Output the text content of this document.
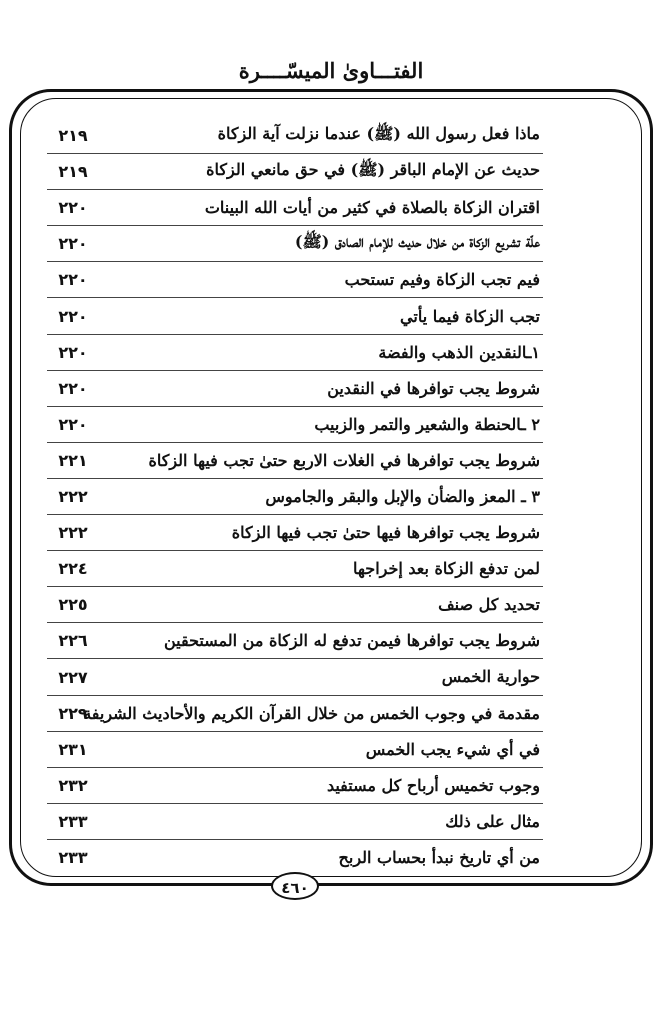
الفتـــاوىٰ الميسّــــرة
ماذا فعل رسول الله (ﷺ) عندما نزلت آية الزكاة
حديث عن الإمام الباقر (ﷺ) في حق مانعي الزكاة
اقتران الزكاة بالصلاة في كثير من أيات الله البينات
علّة تشريع الزكاة من خلال حديث للإمام الصادق (ﷺ)
فيم تجب الزكاة وفيم تستحب
تجب الزكاة فيما يأتي
١ـالنقدين الذهب والفضة
شروط يجب توافرها في النقدين
٢ ـالحنطة والشعير والتمر والزبيب
شروط يجب توافرها في الغلات الاربع حتىٰ تجب فيها الزكاة
٣ ـ المعز والضأن والإبل والبقر والجاموس
شروط يجب توافرها فيها حتىٰ تجب فيها الزكاة
لمن تدفع الزكاة بعد إخراجها
تحديد كل صنف
شروط يجب توافرها فيمن تدفع له الزكاة من المستحقين
حوارية الخمس
مقدمة في وجوب الخمس من خلال القرآن الكريم والأحاديث الشريفة
في أي شيء يجب الخمس
وجوب تخميس أرباح كل مستفيد
مثال على ذلك
من أي تاريخ نبدأ بحساب الربح
٤٦٠
٢١٩
٢١٩
٢٢٠
٢٢٠
٢٢٠
٢٢٠
٢٢٠
٢٢٠
٢٢٠
٢٢١
٢٢٢
٢٢٢
٢٢٤
٢٢٥
٢٢٦
٢٢٧
٢٢٩
٢٣١
٢٣٢
٢٣٣
٢٣٣
